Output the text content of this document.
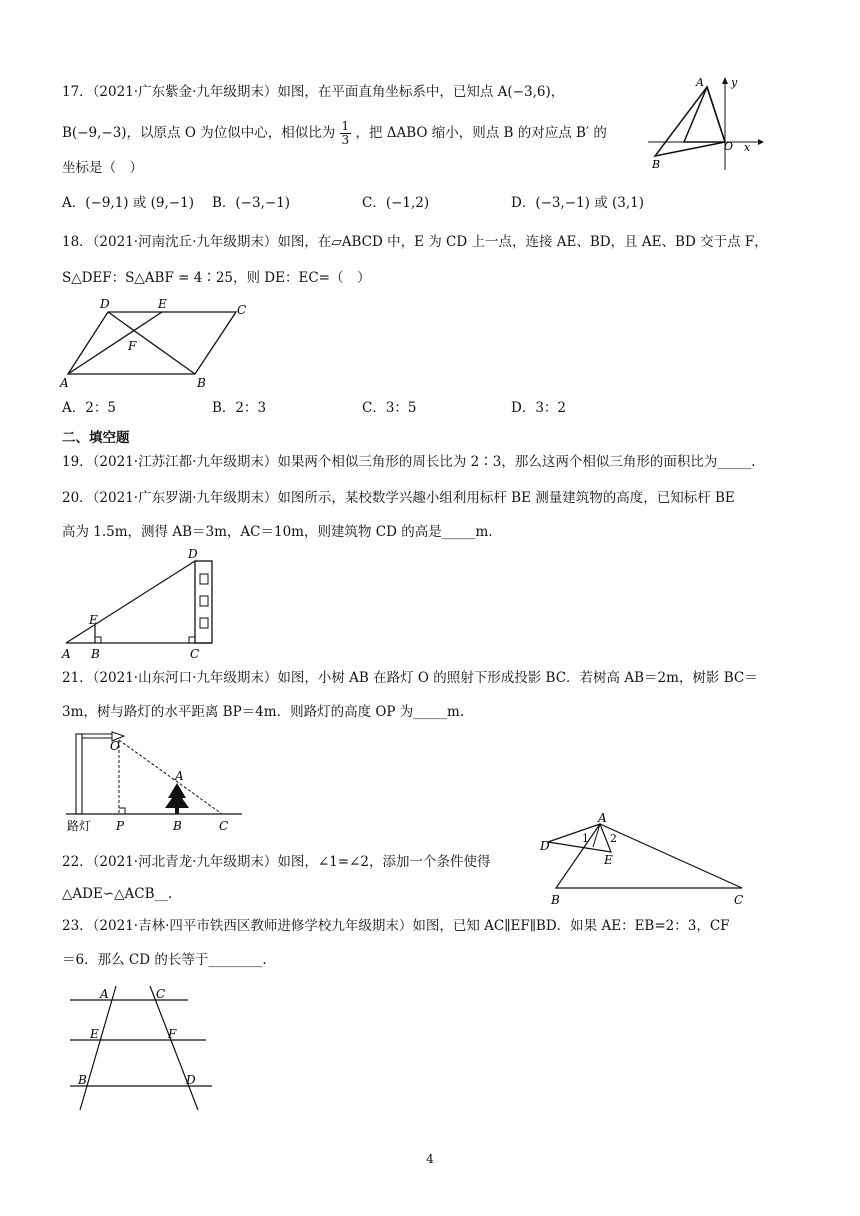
17．（2021·广东紫金·九年级期末）如图，在平面直角坐标系中，已知点 A(−3,6)，
B(−9,−3)，以原点 O 为位似中心，相似比为 $\frac{1}{3}$ ，把 ΔABO 缩小，则点 B 的对应点 B′ 的
坐标是（　）
A．(−9,1) 或 (9,−1) B．(−3,−1)	C．(−1,2)	D．(−3,−1) 或 (3,1)
A y
B
O x
18．（2021·河南沈丘·九年级期末）如图，在▱ABCD 中，E 为 CD 上一点，连接 AE、BD，且 AE、BD 交于点 F，
S△DEF：S△ABF = 4∶25，则 DE：EC=（　）
D	E	C
F
A	B
A．2：5	B．2：3	C．3：5	D．3：2
二、填空题
19．（2021·江苏江都·九年级期末）如果两个相似三角形的周长比为 2∶3，那么这两个相似三角形的面积比为_____.
20．（2021·广东罗湖·九年级期末）如图所示，某校数学兴趣小组利用标杆 BE 测量建筑物的高度，已知标杆 BE
高为 1.5m，测得 AB＝3m，AC＝10m，则建筑物 CD 的高是_____m.
D
E
A B	C
21．（2021·山东河口·九年级期末）如图，小树 AB 在路灯 O 的照射下形成投影 BC．若树高 AB＝2m，树影 BC＝
3m，树与路灯的水平距离 BP＝4m．则路灯的高度 OP 为_____m.
O
A
路灯 P	B	C
22．（2021·河北青龙·九年级期末）如图，∠1=∠2，添加一个条件使得
△ADE∽△ACB__.
A
D
E
B	C
1 2
23．（2021·吉林·四平市铁西区教师进修学校九年级期末）如图，已知 AC∥EF∥BD．如果 AE：EB=2：3，CF
＝6．那么 CD 的长等于________.
A	C
E	F
B	D
4
